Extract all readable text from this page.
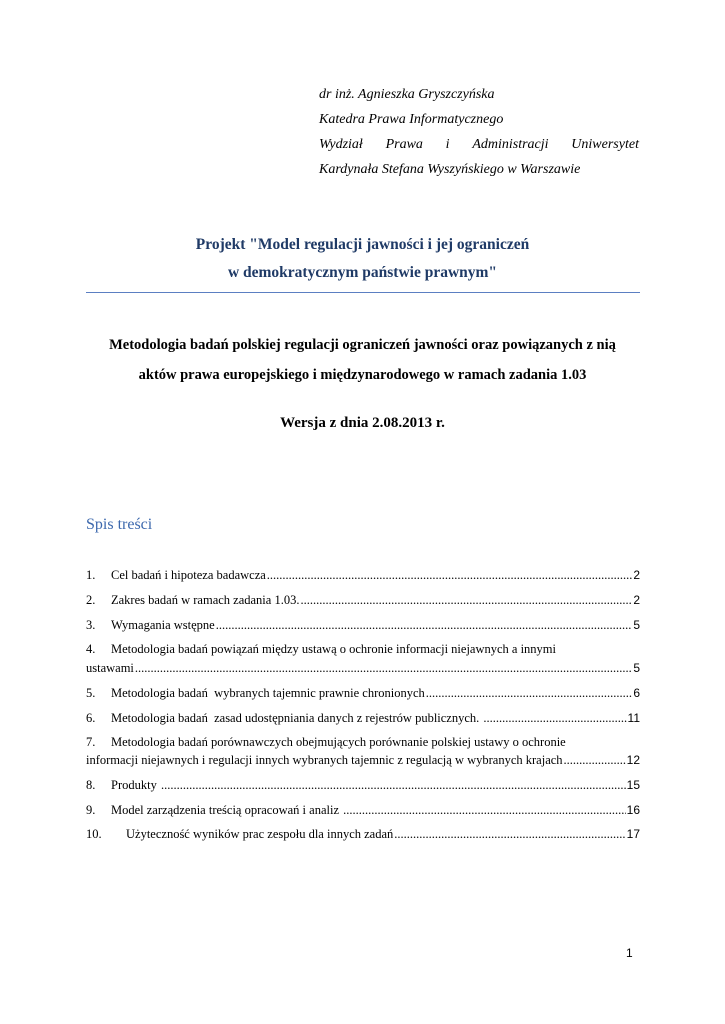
dr inż. Agnieszka Gryszczyńska
Katedra Prawa Informatycznego
Wydział Prawa i Administracji Uniwersytet
Kardynała Stefana Wyszyńskiego w Warszawie
Projekt "Model regulacji jawności i jej ograniczeń
w demokratycznym państwie prawnym"
Metodologia badań polskiej regulacji ograniczeń jawności oraz powiązanych z nią
aktów prawa europejskiego i międzynarodowego w ramach zadania 1.03
Wersja z dnia 2.08.2013 r.
Spis treści
1.	Cel badań i hipoteza badawcza .....	2
2.	Zakres badań w ramach zadania 1.03. .....	2
3.	Wymagania wstępne .....	5
4.	Metodologia badań powiązań między ustawą o ochronie informacji niejawnych a innymi
ustawami .....	5
5.	Metodologia badań  wybranych tajemnic prawnie chronionych .....	6
6.	Metodologia badań  zasad udostępniania danych z rejestrów publicznych. .....	11
7.	Metodologia badań porównawczych obejmujących porównanie polskiej ustawy o ochronie
informacji niejawnych i regulacji innych wybranych tajemnic z regulacją w wybranych krajach .....	12
8.	Produkty .....	15
9.	Model zarządzenia treścią opracowań i analiz .....	16
10.	Użyteczność wyników prac zespołu dla innych zadań .....	17
1
